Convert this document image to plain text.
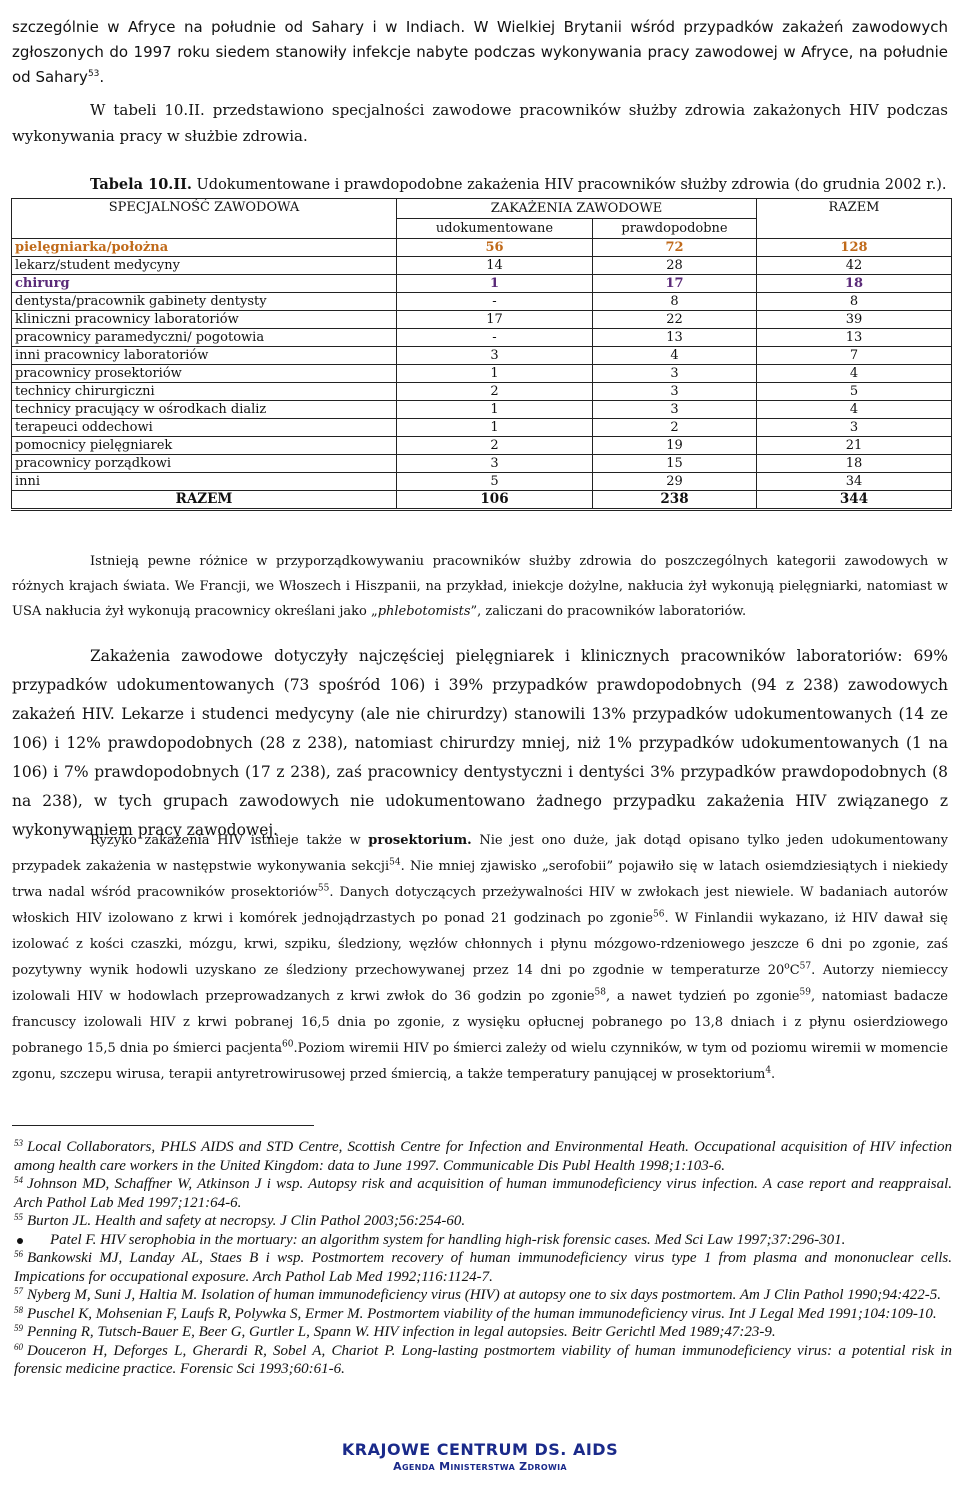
szczególnie w Afryce na południe od Sahary i w Indiach. W Wielkiej Brytanii wśród przypadków zakażeń zawodowych zgłoszonych do 1997 roku siedem stanowiły infekcje nabyte podczas wykonywania pracy zawodowej w Afryce, na południe od Sahary$^{53}$.

W tabeli 10.II. przedstawiono specjalności zawodowe pracowników służby zdrowia zakażonych HIV podczas wykonywania pracy w służbie zdrowia.

Tabela 10.II. Udokumentowane i prawdopodobne zakażenia HIV pracowników służby zdrowia (do grudnia 2002 r.).

SPECJALNOŚĆ ZAWODOWA	ZAKAŻENIA ZAWODOWE		RAZEM
	udokumentowane	prawdopodobne	
pielęgniarka/położna	56	72	128
lekarz/student medycyny	14	28	42
chirurg	1	17	18
dentysta/pracownik gabinety dentysty	-	8	8
kliniczni pracownicy laboratoriów	17	22	39
pracownicy paramedyczni/ pogotowia	-	13	13
inni pracownicy laboratoriów	3	4	7
pracownicy prosektoriów	1	3	4
technicy chirurgiczni	2	3	5
technicy pracujący w ośrodkach dializ	1	3	4
terapeuci oddechowi	1	2	3
pomocnicy pielęgniarek	2	19	21
pracownicy porządkowi	3	15	18
inni	5	29	34
RAZEM	106	238	344

Istnieją pewne różnice w przyporządkowywaniu pracowników służby zdrowia do poszczególnych kategorii zawodowych w różnych krajach świata. We Francji, we Włoszech i Hiszpanii, na przykład, iniekcje dożylne, nakłucia żył wykonują pielęgniarki, natomiast w USA nakłucia żył wykonują pracownicy określani jako „phlebotomists”, zaliczani do pracowników laboratoriów.

Zakażenia zawodowe dotyczyły najczęściej pielęgniarek i klinicznych pracowników laboratoriów: 69% przypadków udokumentowanych (73 spośród 106) i 39% przypadków prawdopodobnych (94 z 238) zawodowych zakażeń HIV. Lekarze i studenci medycyny (ale nie chirurdzy) stanowili 13% przypadków udokumentowanych (14 ze 106) i 12% prawdopodobnych (28 z 238), natomiast chirurdzy mniej, niż 1% przypadków udokumentowanych (1 na 106) i 7% prawdopodobnych (17 z 238), zaś pracownicy dentystyczni i dentyści 3% przypadków prawdopodobnych (8 na 238), w tych grupach zawodowych nie udokumentowano żadnego przypadku zakażenia HIV związanego z wykonywaniem pracy zawodowej.

Ryzyko zakażenia HIV istnieje także w prosektorium. Nie jest ono duże, jak dotąd opisano tylko jeden udokumentowany przypadek zakażenia w następstwie wykonywania sekcji$^{54}$. Nie mniej zjawisko „serofobii” pojawiło się w latach osiemdziesiątych i niekiedy trwa nadal wśród pracowników prosektoriów$^{55}$. Danych dotyczących przeżywalności HIV w zwłokach jest niewiele. W badaniach autorów włoskich HIV izolowano z krwi i komórek jednojądrzastych po ponad 21 godzinach po zgonie$^{56}$. W Finlandii wykazano, iż HIV dawał się izolować z kości czaszki, mózgu, krwi, szpiku, śledziony, węzłów chłonnych i płynu mózgowo-rdzeniowego jeszcze 6 dni po zgonie, zaś pozytywny wynik hodowli uzyskano ze śledziony przechowywanej przez 14 dni po zgodnie w temperaturze $20^oC^{57}$. Autorzy niemieccy izolowali HIV w hodowlach przeprowadzanych z krwi zwłok do 36 godzin po zgonie$^{58}$, a nawet tydzień po zgonie$^{59}$, natomiast badacze francuscy izolowali HIV z krwi pobranej 16,5 dnia po zgonie, z wysięku opłucnej pobranego po 13,8 dniach i z płynu osierdziowego pobranego 15,5 dnia po śmierci pacjenta$^{60}$.Poziom wiremii HIV po śmierci zależy od wielu czynników, w tym od poziomu wiremii w momencie zgonu, szczepu wirusa, terapii antyretrowirusowej przed śmiercią, a także temperatury panującej w prosektorium$^4$.

$^{53}$ Local Collaborators, PHLS AIDS and STD Centre, Scottish Centre for Infection and Environmental Heath. Occupational acquisition of HIV infection among health care workers in the United Kingdom: data to June 1997. Communicable Dis Publ Health 1998;1:103-6.

$^{54}$ Johnson MD, Schaffner W, Atkinson J i wsp. Autopsy risk and acquisition of human immunodeficiency virus infection. A case report and reappraisal. Arch Pathol Lab Med 1997;121:64-6.

$^{55}$ Burton JL. Health and safety at necropsy. J Clin Pathol 2003;56:254-60.

Patel F. HIV serophobia in the mortuary: an algorithm system for handling high-risk forensic cases. Med Sci Law 1997;37:296-301.

$^{56}$ Bankowski MJ, Landay AL, Staes B i wsp. Postmortem recovery of human immunodeficiency virus type 1 from plasma and mononuclear cells. Impications for occupational exposure. Arch Pathol Lab Med 1992;116:1124-7.

$^{57}$ Nyberg M, Suni J, Haltia M. Isolation of human immunodeficiency virus (HIV) at autopsy one to six days postmortem. Am J Clin Pathol 1990;94:422-5.

$^{58}$ Puschel K, Mohsenian F, Laufs R, Polywka S, Ermer M. Postmortem viability of the human immunodeficiency virus. Int J Legal Med 1991;104:109-10.

$^{59}$ Penning R, Tutsch-Bauer E, Beer G, Gurtler L, Spann W. HIV infection in legal autopsies. Beitr Gerichtl Med 1989;47:23-9.

$^{60}$ Douceron H, Deforges L, Gherardi R, Sobel A, Chariot P. Long-lasting postmortem viability of human immunodeficiency virus: a potential risk in forensic medicine practice. Forensic Sci 1993;60:61-6.

KRAJOWE CENTRUM DS. AIDS
Agenda Ministerstwa Zdrowia
